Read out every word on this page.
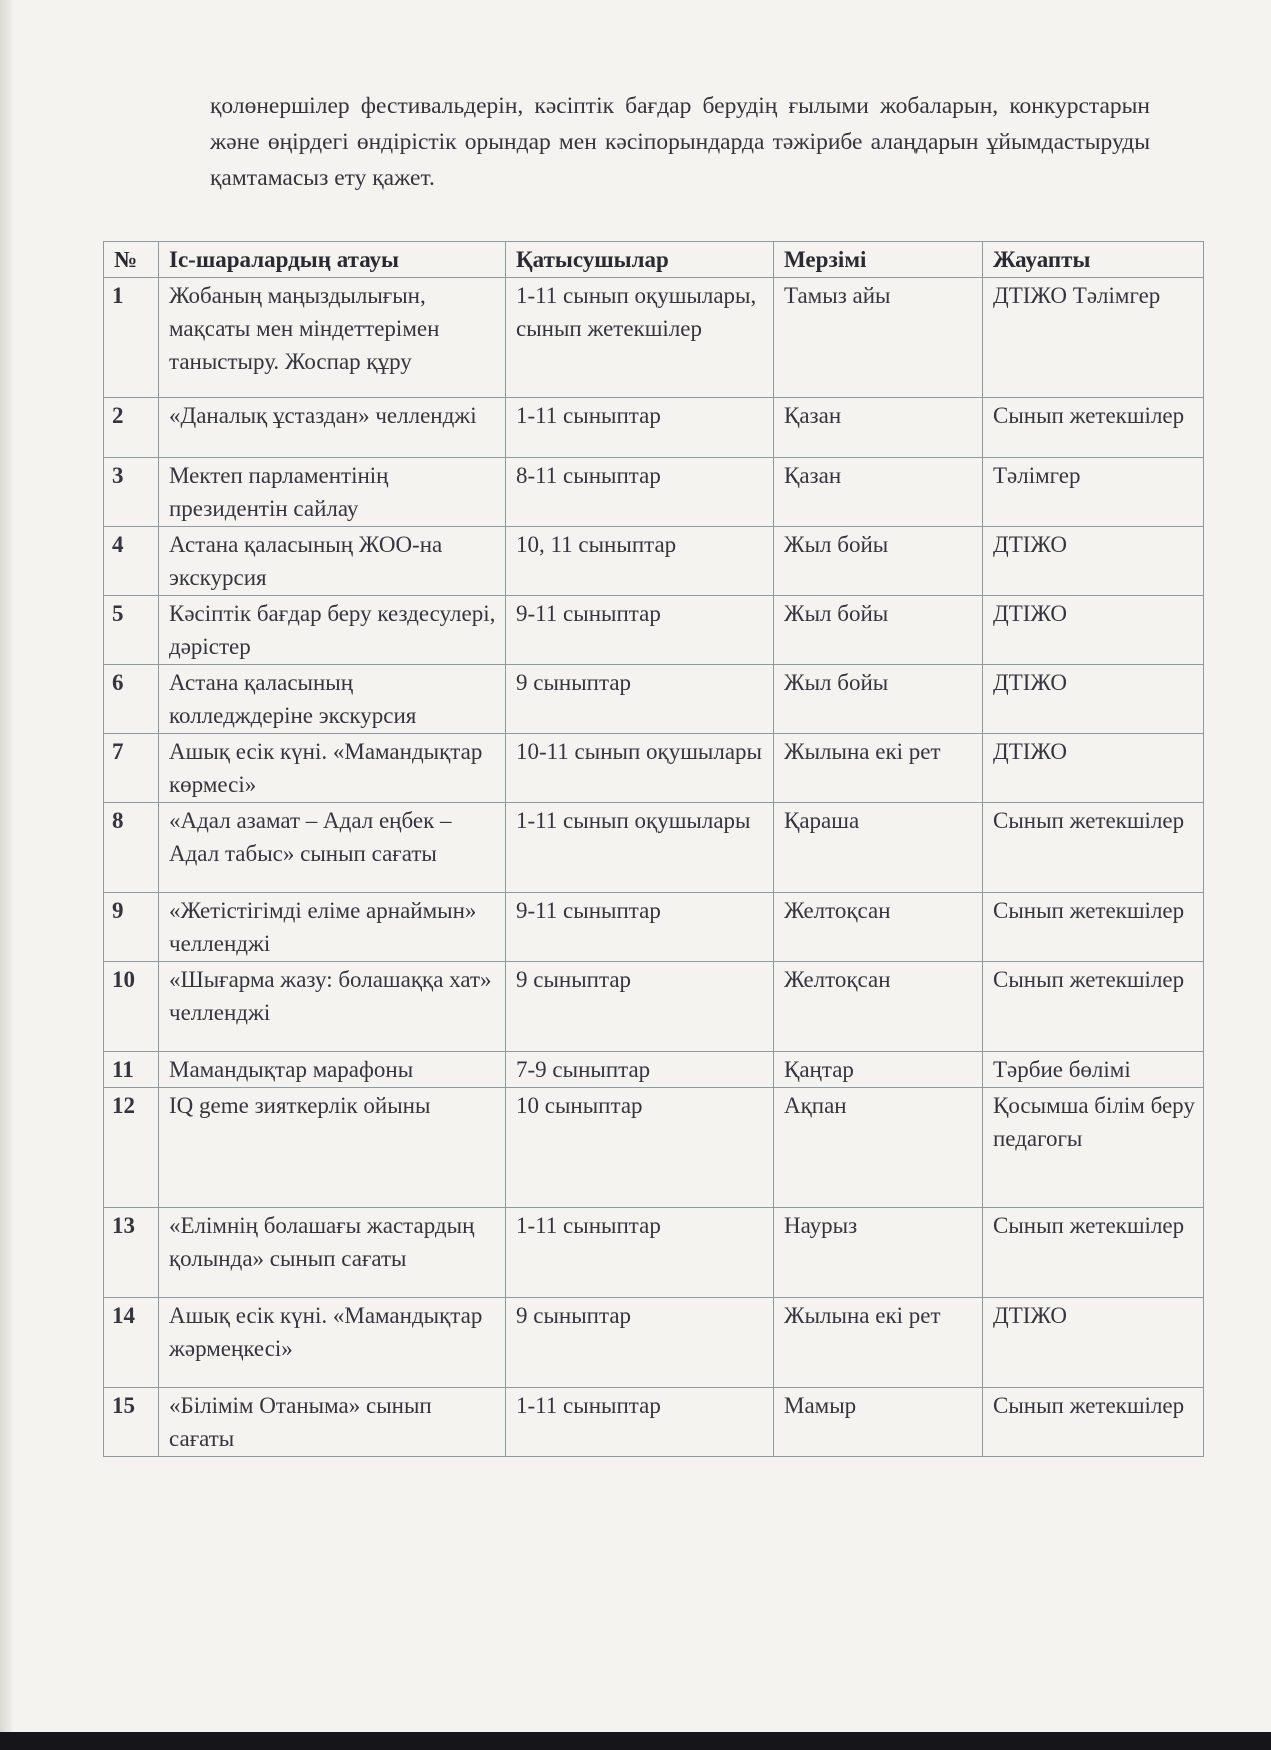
қолөнершілер фестивальдерін, кәсіптік бағдар берудің ғылыми жобаларын, конкурстарын және өңірдегі өндірістік орындар мен кәсіпорындарда тәжірибе алаңдарын ұйымдастыруды қамтамасыз ету қажет.

№	Іс-шаралардың атауы	Қатысушылар	Мерзімі	Жауапты
1	Жобаның маңыздылығын, мақсаты мен міндеттерімен таныстыру. Жоспар құру	1-11 сынып оқушылары, сынып жетекшілер	Тамыз айы	ДТІЖО Тәлімгер
2	«Даналық ұстаздан» челленджі	1-11 сыныптар	Қазан	Сынып жетекшілер
3	Мектеп парламентінің президентін сайлау	8-11 сыныптар	Қазан	Тәлімгер
4	Астана қаласының ЖОО-на экскурсия	10, 11 сыныптар	Жыл бойы	ДТІЖО
5	Кәсіптік бағдар беру кездесулері, дәрістер	9-11 сыныптар	Жыл бойы	ДТІЖО
6	Астана қаласының колледждеріне экскурсия	9 сыныптар	Жыл бойы	ДТІЖО
7	Ашық есік күні. «Мамандықтар көрмесі»	10-11 сынып оқушылары	Жылына екі рет	ДТІЖО
8	«Адал азамат – Адал еңбек – Адал табыс» сынып сағаты	1-11 сынып оқушылары	Қараша	Сынып жетекшілер
9	«Жетістігімді еліме арнаймын» челленджі	9-11 сыныптар	Желтоқсан	Сынып жетекшілер
10	«Шығарма жазу: болашаққа хат» челленджі	9 сыныптар	Желтоқсан	Сынып жетекшілер
11	Мамандықтар марафоны	7-9 сыныптар	Қаңтар	Тәрбие бөлімі
12	IQ geme зияткерлік ойыны	10 сыныптар	Ақпан	Қосымша білім беру педагогы
13	«Елімнің болашағы жастардың қолында» сынып сағаты	1-11 сыныптар	Наурыз	Сынып жетекшілер
14	Ашық есік күні. «Мамандықтар жәрмеңкесі»	9 сыныптар	Жылына екі рет	ДТІЖО
15	«Білімім Отаныма» сынып сағаты	1-11 сыныптар	Мамыр	Сынып жетекшілер
